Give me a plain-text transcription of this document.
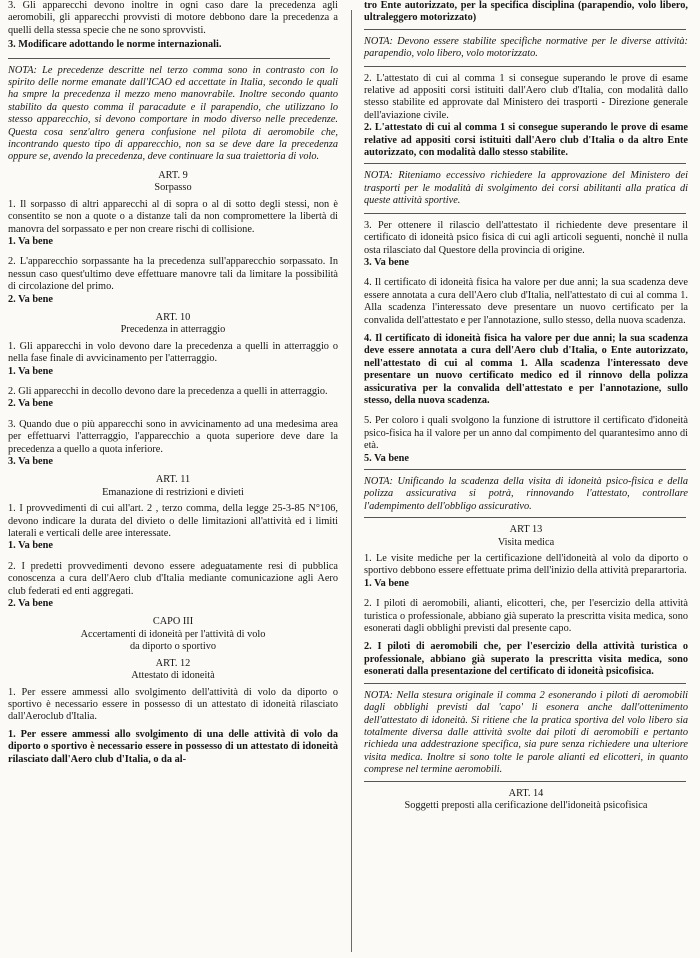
3. Gli apparecchi devono inoltre in ogni caso dare la precedenza agli aeromobili, gli apparecchi provvisti di motore debbono dare la precedenza a quelli della stessa specie che ne sono sprovvisti.

3. Modificare adottando le norme internazionali.

NOTA: Le precedenze descritte nel terzo comma sono in contrasto con lo spirito delle norme emanate dall'ICAO ed accettate in Italia, secondo le quali ha smpre la precedenza il mezzo meno manovrabile. Inoltre secondo quanto stabilito da questo comma il paracadute e il parapendio, che utilizzano lo stesso apparecchio, si devono comportare in modo diverso nelle precedenze. Questa cosa senz'altro genera confusione nel pilota di aeromobile che, incontrando questo tipo di apparecchio, non sa se deve dare la precedenza oppure se, avendo la precedenza, deve continuare la sua traiettoria di volo.

ART. 9
Sorpasso

1. Il sorpasso di altri apparecchi al di sopra o al di sotto degli stessi, non è consentito se non a quote o a distanze tali da non compromettere la libertà di manovra del sorpassato e per non creare rischi di collisione.

1. Va bene

2. L'apparecchio sorpassante ha la precedenza sull'apparecchio sorpassato. In nessun caso quest'ultimo deve effettuare manovre tali da limitare la possibilità di circolazione del primo.

2. Va bene
ART. 10
Precedenza in atterraggio

1. Gli apparecchi in volo devono dare la precedenza a quelli in atterraggio o nella fase finale di avvicinamento per l'atterraggio.

1. Va bene

2. Gli apparecchi in decollo devono dare la precedenza a quelli in atterraggio.

2. Va bene

3. Quando due o più apparecchi sono in avvicinamento ad una medesima area per effettuarvi l'atterraggio, l'apparecchio a quota superiore deve dare la precedenza a quello a quota inferiore.

3. Va bene
ART. 11
Emanazione di restrizioni e divieti

1. I provvedimenti di cui all'art. 2 , terzo comma, della legge 25-3-85 N°106, devono indicare la durata del divieto o delle limitazioni all'attività ed i limiti laterali e verticali delle aree interessate.

1. Va bene

2. I predetti provvedimenti devono essere adeguatamente resi di pubblica conoscenza a cura dell'Aero club d'Italia mediante comunicazione agli Aero club federati ed enti aggregati.

2. Va bene
CAPO III
Accertamenti di idoneità per l'attività di volo
da diporto o sportivo
ART. 12
Attestato di idoneità

1. Per essere ammessi allo svolgimento dell'attività di volo da diporto o sportivo è necessario essere in possesso di un attestato di idoneità rilasciato dall'Aeroclub d'Italia.

1. Per essere ammessi allo svolgimento di una delle attività di volo da diporto o sportivo è necessario essere in possesso di un attestato di idoneità rilasciato dall'Aero club d'Italia, o da al-

tro Ente autorizzato, per la specifica disciplina (parapendio, volo libero, ultraleggero motorizzato)

NOTA: Devono essere stabilite specifiche normative per le diverse attività: parapendio, volo libero, volo motorizzato.

2. L'attestato di cui al comma 1 si consegue superando le prove di esame relative ad appositi corsi istituiti dall'Aero club d'Italia, con modalità dallo stesso stabilite ed approvate dal Ministero dei trasporti - Direzione generale dell'aviazione civile.

2. L'attestato di cui al comma 1 si consegue superando le prove di esame relative ad appositi corsi istituiti dall'Aero club d'Italia o da altro Ente autorizzato, con modalità dallo stesso stabilite.

NOTA: Riteniamo eccessivo richiedere la approvazione del Ministero dei trasporti per le modalità di svolgimento dei corsi abilitanti alla pratica di queste attività sportive.

3. Per ottenere il rilascio dell'attestato il richiedente deve presentare il certificato di idoneità psico fisica di cui agli articoli seguenti, nonchè il nulla osta rilasciato dal Questore della provincia di origine.

3. Va bene

4. Il certificato di idoneità fisica ha valore per due anni; la sua scadenza deve essere annotata a cura dell'Aero club d'Italia, nell'attestato di cui al comma 1. Alla scadenza l'interessato deve presentare un nuovo certificato per la convalida dell'attestato e per l'annotazione, sullo stesso, della nuova scadenza.

4. Il certificato di idoneità fisica ha valore per due anni; la sua scadenza deve essere annotata a cura dell'Aero club d'Italia, o Ente autorizzato, nell'attestato di cui al comma 1. Alla scadenza l'interessato deve presentare un nuovo certificato medico ed il rinnovo della polizza assicurativa per la convalida dell'attestato e per l'annotazione, sullo stesso, della nuova scadenza.

5. Per coloro i quali svolgono la funzione di istruttore il certificato d'idoneità psico-fisica ha il valore per un anno dal compimento del quarantesimo anno di età.

5. Va bene

NOTA: Unificando la scadenza della visita di idoneità psico-fisica e della polizza assicurativa si potrà, rinnovando l'attestato, controllare l'adempimento dell'obbligo assicurativo.

ART 13
Visita medica

1. Le visite mediche per la certificazione dell'idoneità al volo da diporto o sportivo debbono essere effettuate prima dell'inizio della attività preparartoria.

1. Va bene

2. I piloti di aeromobili, alianti, elicotteri, che, per l'esercizio della attività turistica o professionale, abbiano già superato la prescritta visita medica, sono esonerati dagli obblighi previsti dal presente capo.

2. I piloti di aeromobili che, per l'esercizio della attività turistica o professionale, abbiano già superato la prescritta visita medica, sono esonerati dalla presentazione del certificato di idoneità psicofisica.

NOTA: Nella stesura originale il comma 2 esonerando i piloti di aeromobili dagli obblighi previsti dal 'capo' li esonera anche dall'ottenimento dell'attestato di idoneità. Si ritiene che la pratica sportiva del volo libero sia totalmente diversa dalle attività svolte dai piloti di aeromobili e pertanto richieda una addestrazione specifica, sia pure senza richiedere una ulteriore visita medica. Inoltre si sono tolte le parole alianti ed elicotteri, in quanto comprese nel termine aeromobili.

ART. 14
Soggetti preposti alla cerificazione dell'idoneità psicofisica
